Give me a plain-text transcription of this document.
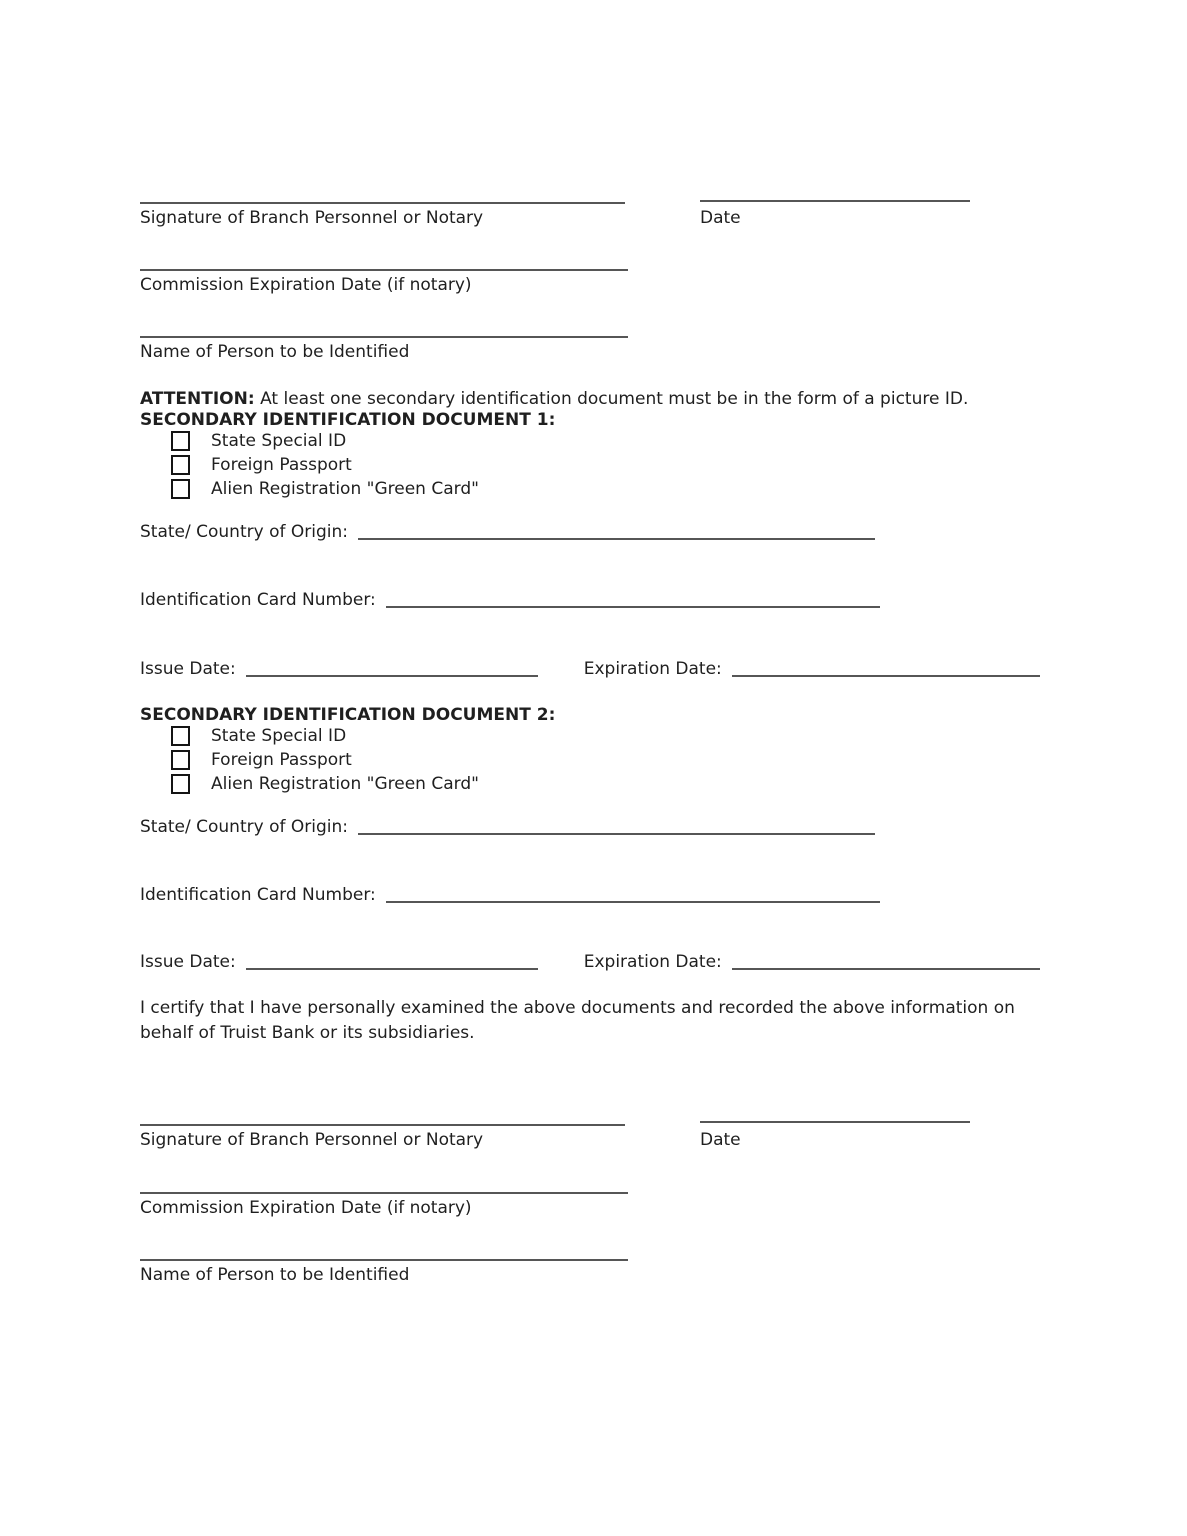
Signature of Branch Personnel or Notary	Date
Commission Expiration Date (if notary)
Name of Person to be Identified
ATTENTION: At least one secondary identification document must be in the form of a picture ID.
SECONDARY IDENTIFICATION DOCUMENT 1:
State Special ID
Foreign Passport
Alien Registration "Green Card"
State/ Country of Origin:
Identification Card Number:
Issue Date:	Expiration Date:
SECONDARY IDENTIFICATION DOCUMENT 2:
State Special ID
Foreign Passport
Alien Registration "Green Card"
State/ Country of Origin:
Identification Card Number:
Issue Date:	Expiration Date:
I certify that I have personally examined the above documents and recorded the above information on behalf of Truist Bank or its subsidiaries.
Signature of Branch Personnel or Notary	Date
Commission Expiration Date (if notary)
Name of Person to be Identified
